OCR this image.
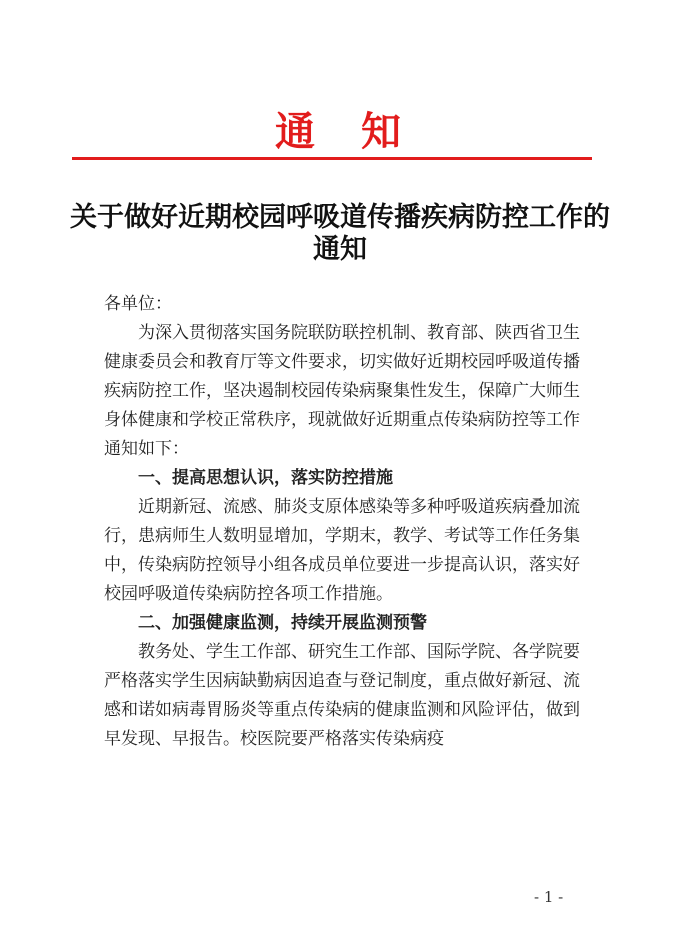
通知
关于做好近期校园呼吸道传播疾病防控工作的通知

各单位：

为深入贯彻落实国务院联防联控机制、教育部、陕西省卫生健康委员会和教育厅等文件要求，切实做好近期校园呼吸道传播疾病防控工作，坚决遏制校园传染病聚集性发生，保障广大师生身体健康和学校正常秩序，现就做好近期重点传染病防控等工作通知如下：

一、提高思想认识，落实防控措施

近期新冠、流感、肺炎支原体感染等多种呼吸道疾病叠加流行，患病师生人数明显增加，学期末，教学、考试等工作任务集中，传染病防控领导小组各成员单位要进一步提高认识，落实好校园呼吸道传染病防控各项工作措施。

二、加强健康监测，持续开展监测预警

教务处、学生工作部、研究生工作部、国际学院、各学院要严格落实学生因病缺勤病因追查与登记制度，重点做好新冠、流感和诺如病毒胃肠炎等重点传染病的健康监测和风险评估，做到早发现、早报告。校医院要严格落实传染病疫

- 1 -
